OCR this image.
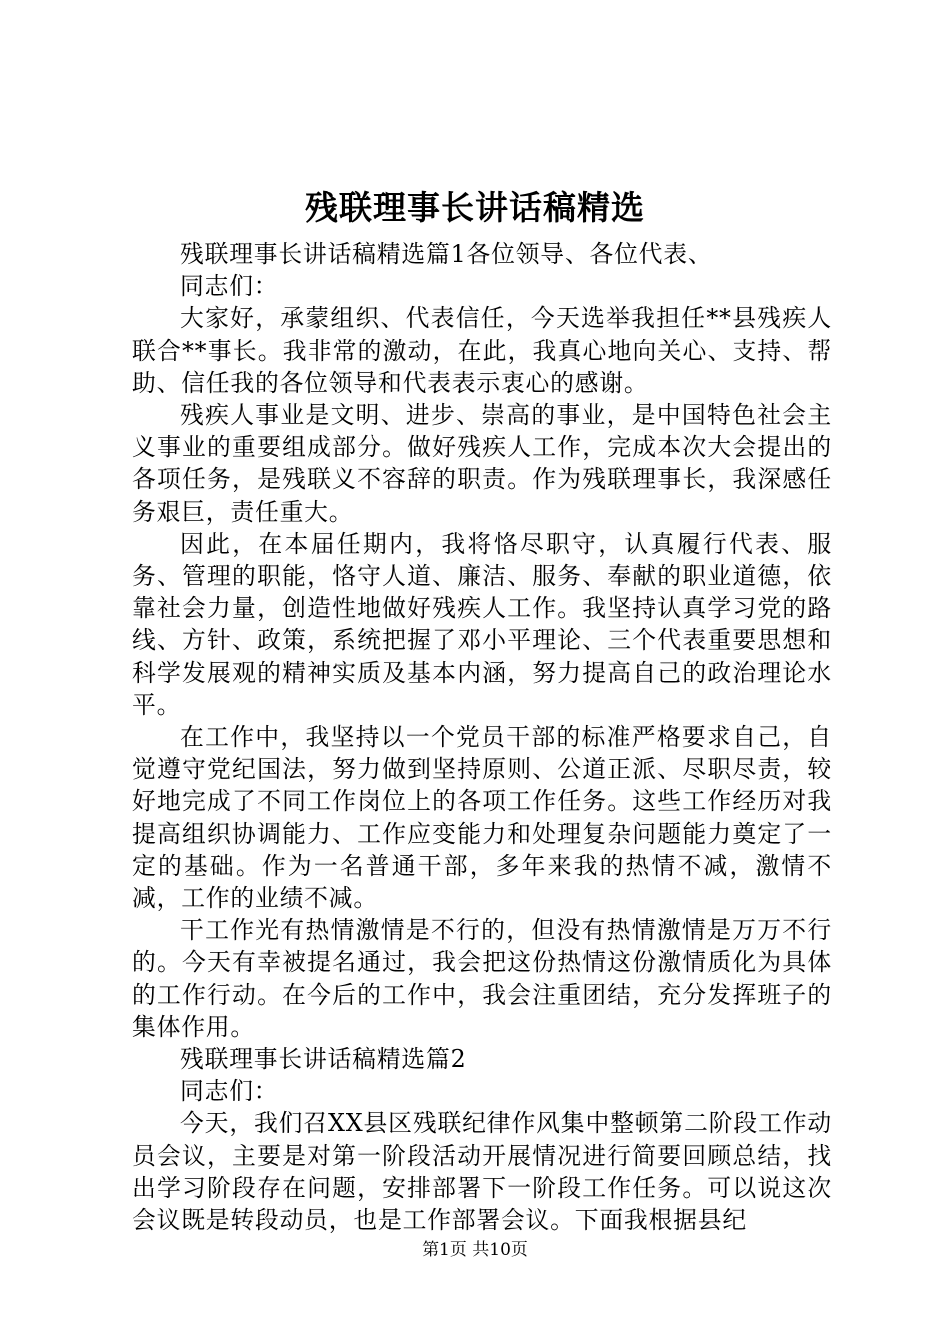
残联理事长讲话稿精选

残联理事长讲话稿精选篇1各位领导、各位代表、

同志们：

大家好，承蒙组织、代表信任，今天选举我担任**县残疾人联合**事长。我非常的激动，在此，我真心地向关心、支持、帮助、信任我的各位领导和代表表示衷心的感谢。

残疾人事业是文明、进步、崇高的事业，是中国特色社会主义事业的重要组成部分。做好残疾人工作，完成本次大会提出的各项任务，是残联义不容辞的职责。作为残联理事长，我深感任务艰巨，责任重大。

因此，在本届任期内，我将恪尽职守，认真履行代表、服务、管理的职能，恪守人道、廉洁、服务、奉献的职业道德，依靠社会力量，创造性地做好残疾人工作。我坚持认真学习党的路线、方针、政策，系统把握了邓小平理论、三个代表重要思想和科学发展观的精神实质及基本内涵，努力提高自己的政治理论水平。

在工作中，我坚持以一个党员干部的标准严格要求自己，自觉遵守党纪国法，努力做到坚持原则、公道正派、尽职尽责，较好地完成了不同工作岗位上的各项工作任务。这些工作经历对我提高组织协调能力、工作应变能力和处理复杂问题能力奠定了一定的基础。作为一名普通干部，多年来我的热情不减，激情不减，工作的业绩不减。

干工作光有热情激情是不行的，但没有热情激情是万万不行的。今天有幸被提名通过，我会把这份热情这份激情质化为具体的工作行动。在今后的工作中，我会注重团结，充分发挥班子的集体作用。

残联理事长讲话稿精选篇2

同志们：

今天，我们召XX县区残联纪律作风集中整顿第二阶段工作动员会议，主要是对第一阶段活动开展情况进行简要回顾总结，找出学习阶段存在问题，安排部署下一阶段工作任务。可以说这次会议既是转段动员，也是工作部署会议。下面我根据县纪

第1页 共10页
